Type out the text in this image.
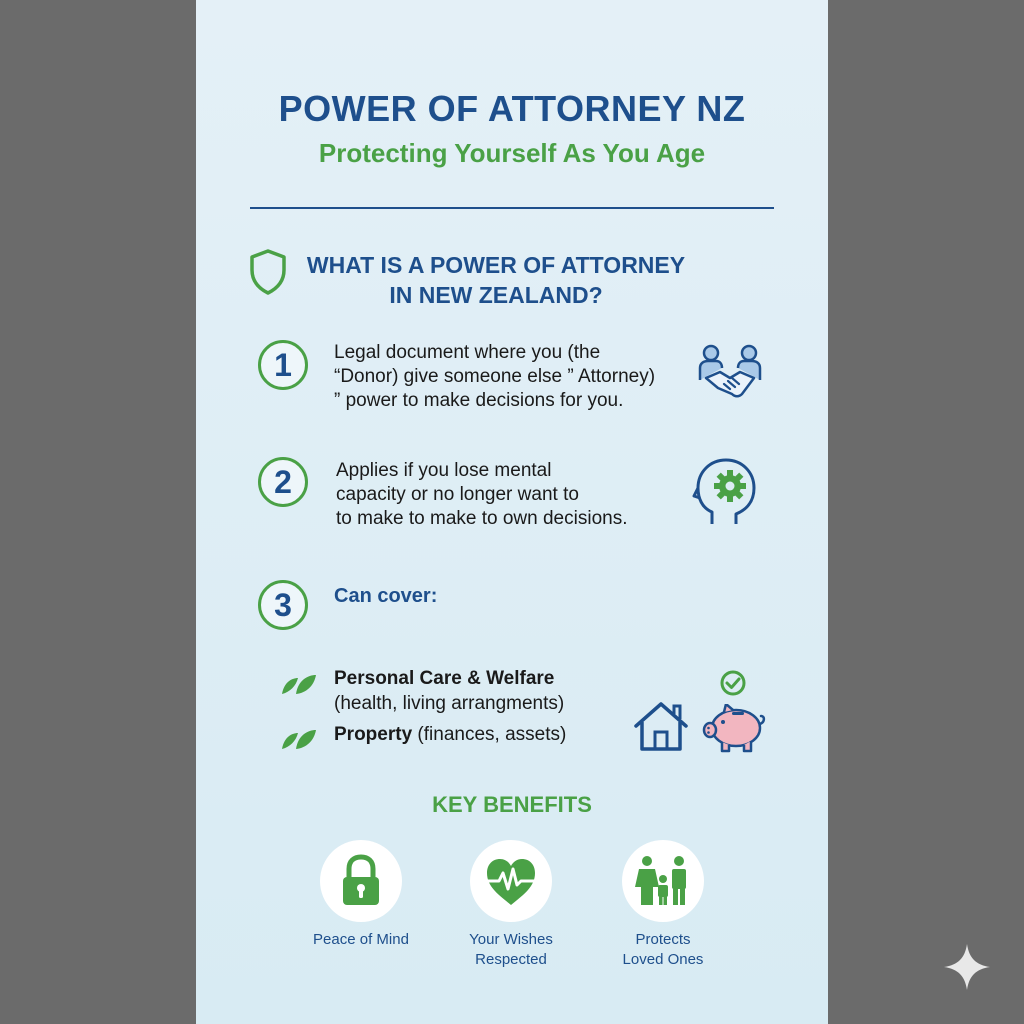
POWER OF ATTORNEY NZ
Protecting Yourself As You Age
WHAT IS A POWER OF ATTORNEY
IN NEW ZEALAND?
1	Legal document where you (the
“Donor) give someone else ” Attorney)
” power to make decisions for you.
2	Applies if you lose mental
capacity or no longer want to
to make to make to own decisions.
3	Can cover:
Personal Care & Welfare
(health, living arrangments)
Property (finances, assets)
KEY BENEFITS
Peace of Mind	Your Wishes
Respected
Protects
Loved Ones
